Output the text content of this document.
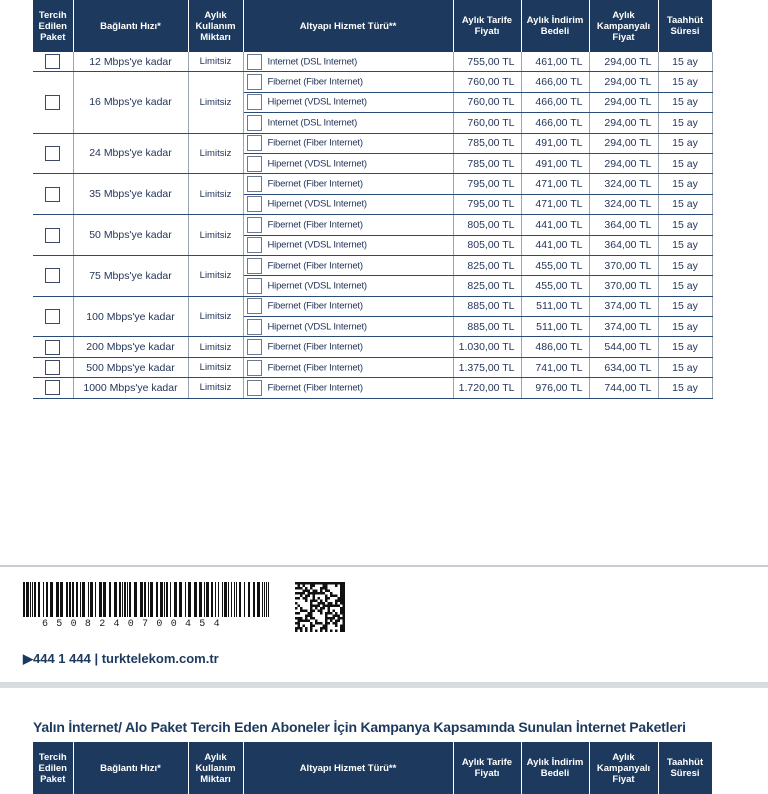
Tercih Edilen Paket	Bağlantı Hızı*	Aylık Kullanım Miktarı	Altyapı Hizmet Türü**	Aylık Tarife Fiyatı	Aylık İndirim Bedeli	Aylık Kampanyalı Fiyat	Taahhüt Süresi
	12 Mbps'ye kadar	Limitsiz	Internet (DSL Internet)	755,00 TL	461,00 TL	294,00 TL	15 ay
	16 Mbps'ye kadar	Limitsiz	Fibernet (Fiber Internet)	760,00 TL	466,00 TL	294,00 TL	15 ay
			Hipernet (VDSL Internet)	760,00 TL	466,00 TL	294,00 TL	15 ay
			Internet (DSL Internet)	760,00 TL	466,00 TL	294,00 TL	15 ay
	24 Mbps'ye kadar	Limitsiz	Fibernet (Fiber Internet)	785,00 TL	491,00 TL	294,00 TL	15 ay
			Hipernet (VDSL Internet)	785,00 TL	491,00 TL	294,00 TL	15 ay
	35 Mbps'ye kadar	Limitsiz	Fibernet (Fiber Internet)	795,00 TL	471,00 TL	324,00 TL	15 ay
			Hipernet (VDSL Internet)	795,00 TL	471,00 TL	324,00 TL	15 ay
	50 Mbps'ye kadar	Limitsiz	Fibernet (Fiber Internet)	805,00 TL	441,00 TL	364,00 TL	15 ay
			Hipernet (VDSL Internet)	805,00 TL	441,00 TL	364,00 TL	15 ay
	75 Mbps'ye kadar	Limitsiz	Fibernet (Fiber Internet)	825,00 TL	455,00 TL	370,00 TL	15 ay
			Hipernet (VDSL Internet)	825,00 TL	455,00 TL	370,00 TL	15 ay
	100 Mbps'ye kadar	Limitsiz	Fibernet (Fiber Internet)	885,00 TL	511,00 TL	374,00 TL	15 ay
			Hipernet (VDSL Internet)	885,00 TL	511,00 TL	374,00 TL	15 ay
	200 Mbps'ye kadar	Limitsiz	Fibernet (Fiber Internet)	1.030,00 TL	486,00 TL	544,00 TL	15 ay
	500 Mbps'ye kadar	Limitsiz	Fibernet (Fiber Internet)	1.375,00 TL	741,00 TL	634,00 TL	15 ay
	1000 Mbps'ye kadar	Limitsiz	Fibernet (Fiber Internet)	1.720,00 TL	976,00 TL	744,00 TL	15 ay
6508240700454
▶444 1 444 | turktelekom.com.tr
Yalın İnternet/ Alo Paket Tercih Eden Aboneler İçin Kampanya Kapsamında Sunulan İnternet Paketleri
Tercih Edilen Paket	Bağlantı Hızı*	Aylık Kullanım Miktarı	Altyapı Hizmet Türü**	Aylık Tarife Fiyatı	Aylık İndirim Bedeli	Aylık Kampanyalı Fiyat	Taahhüt Süresi
